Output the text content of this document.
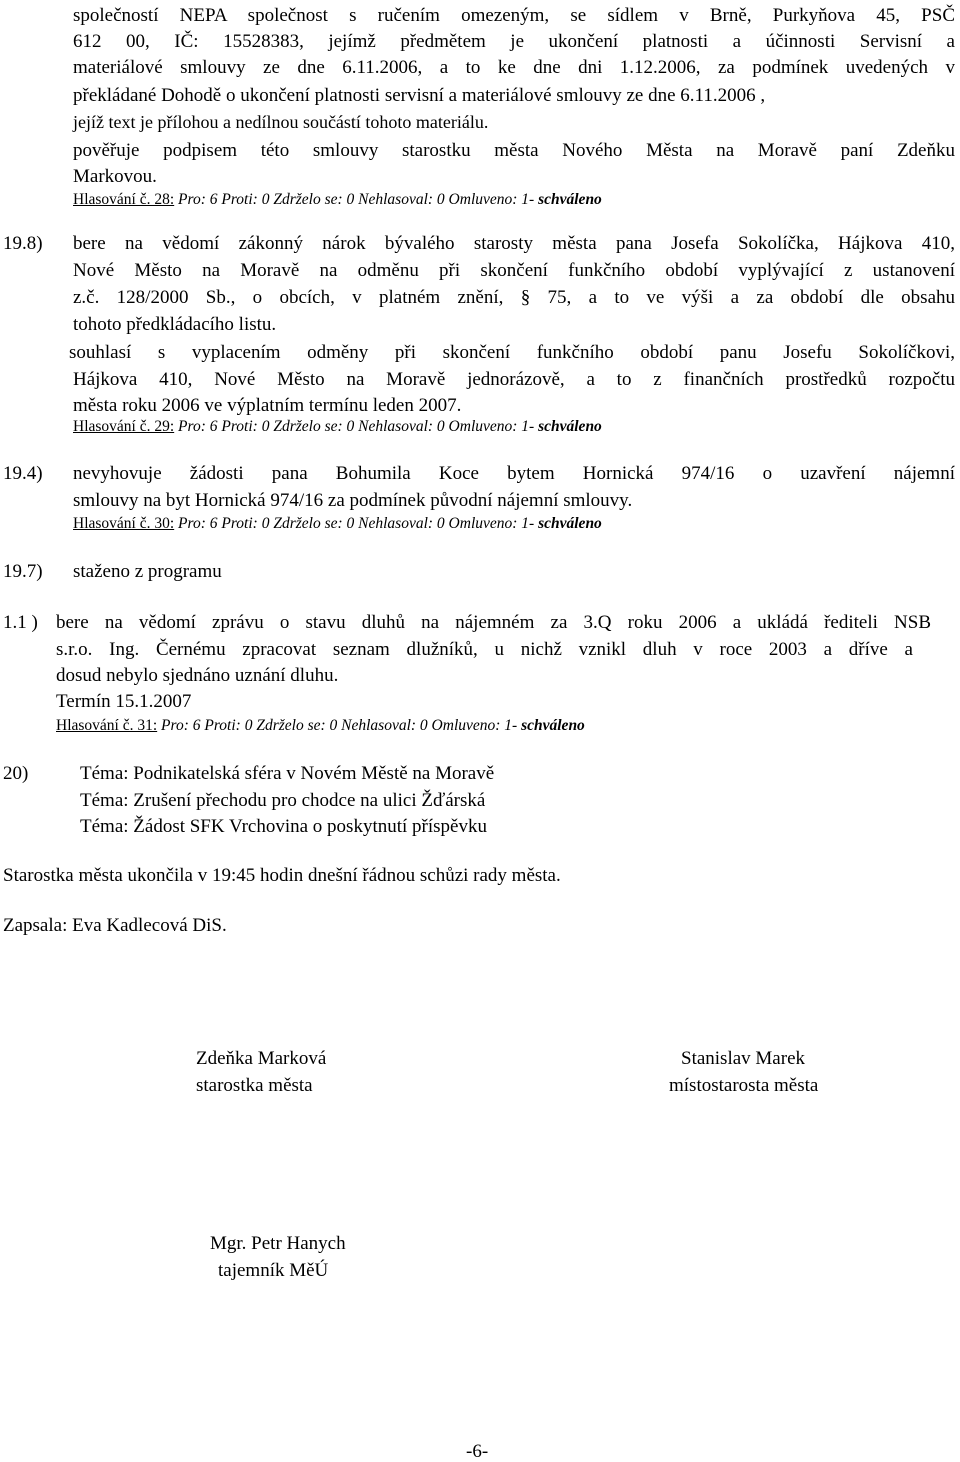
společností NEPA společnost s ručením omezeným, se sídlem v Brně, Purkyňova 45, PSČ
612 00, IČ: 15528383, jejímž předmětem je ukončení platnosti a účinnosti Servisní a
materiálové smlouvy ze dne 6.11.2006, a to ke dne dni 1.12.2006, za podmínek uvedených v
překládané Dohodě o ukončení platnosti servisní a materiálové smlouvy ze dne 6.11.2006 ,
jejíž text je přílohou a nedílnou součástí tohoto materiálu.
pověřuje podpisem této smlouvy starostku města Nového Města na Moravě paní Zdeňku
Markovou.
Hlasování č. 28: Pro: 6 Proti: 0 Zdrželo se: 0 Nehlasoval: 0 Omluveno: 1- schváleno
19.8) bere na vědomí zákonný nárok bývalého starosty města pana Josefa Sokolíčka, Hájkova 410,
Nové Město na Moravě na odměnu při skončení funkčního období vyplývající z ustanovení
z.č. 128/2000 Sb., o obcích, v platném znění, § 75, a to ve výši a za období dle obsahu
tohoto předkládacího listu.
souhlasí s vyplacením odměny při skončení funkčního období panu Josefu Sokolíčkovi,
Hájkova 410, Nové Město na Moravě jednorázově, a to z finančních prostředků rozpočtu
města roku 2006 ve výplatním termínu leden 2007.
Hlasování č. 29: Pro: 6 Proti: 0 Zdrželo se: 0 Nehlasoval: 0 Omluveno: 1- schváleno
19.4) nevyhovuje žádosti pana Bohumila Koce bytem Hornická 974/16 o uzavření nájemní
smlouvy na byt Hornická 974/16 za podmínek původní nájemní smlouvy.
Hlasování č. 30: Pro: 6 Proti: 0 Zdrželo se: 0 Nehlasoval: 0 Omluveno: 1- schváleno
19.7) staženo z programu
1.1 ) bere na vědomí zprávu o stavu dluhů na nájemném za 3.Q roku 2006 a ukládá řediteli NSB
s.r.o. Ing. Černému zpracovat seznam dlužníků, u nichž vznikl dluh v roce 2003 a dříve a
dosud nebylo sjednáno uznání dluhu.
Termín 15.1.2007
Hlasování č. 31: Pro: 6 Proti: 0 Zdrželo se: 0 Nehlasoval: 0 Omluveno: 1- schváleno
20)	Téma: Podnikatelská sféra v Novém Městě na Moravě
Téma: Zrušení přechodu pro chodce na ulici Žďárská
Téma: Žádost SFK Vrchovina o poskytnutí příspěvku
Starostka města ukončila v 19:45 hodin dnešní řádnou schůzi rady města.
Zapsala: Eva Kadlecová DiS.
Zdeňka Marková
starostka města
Stanislav Marek
místostarosta města
Mgr. Petr Hanych
tajemník MěÚ
-6-
